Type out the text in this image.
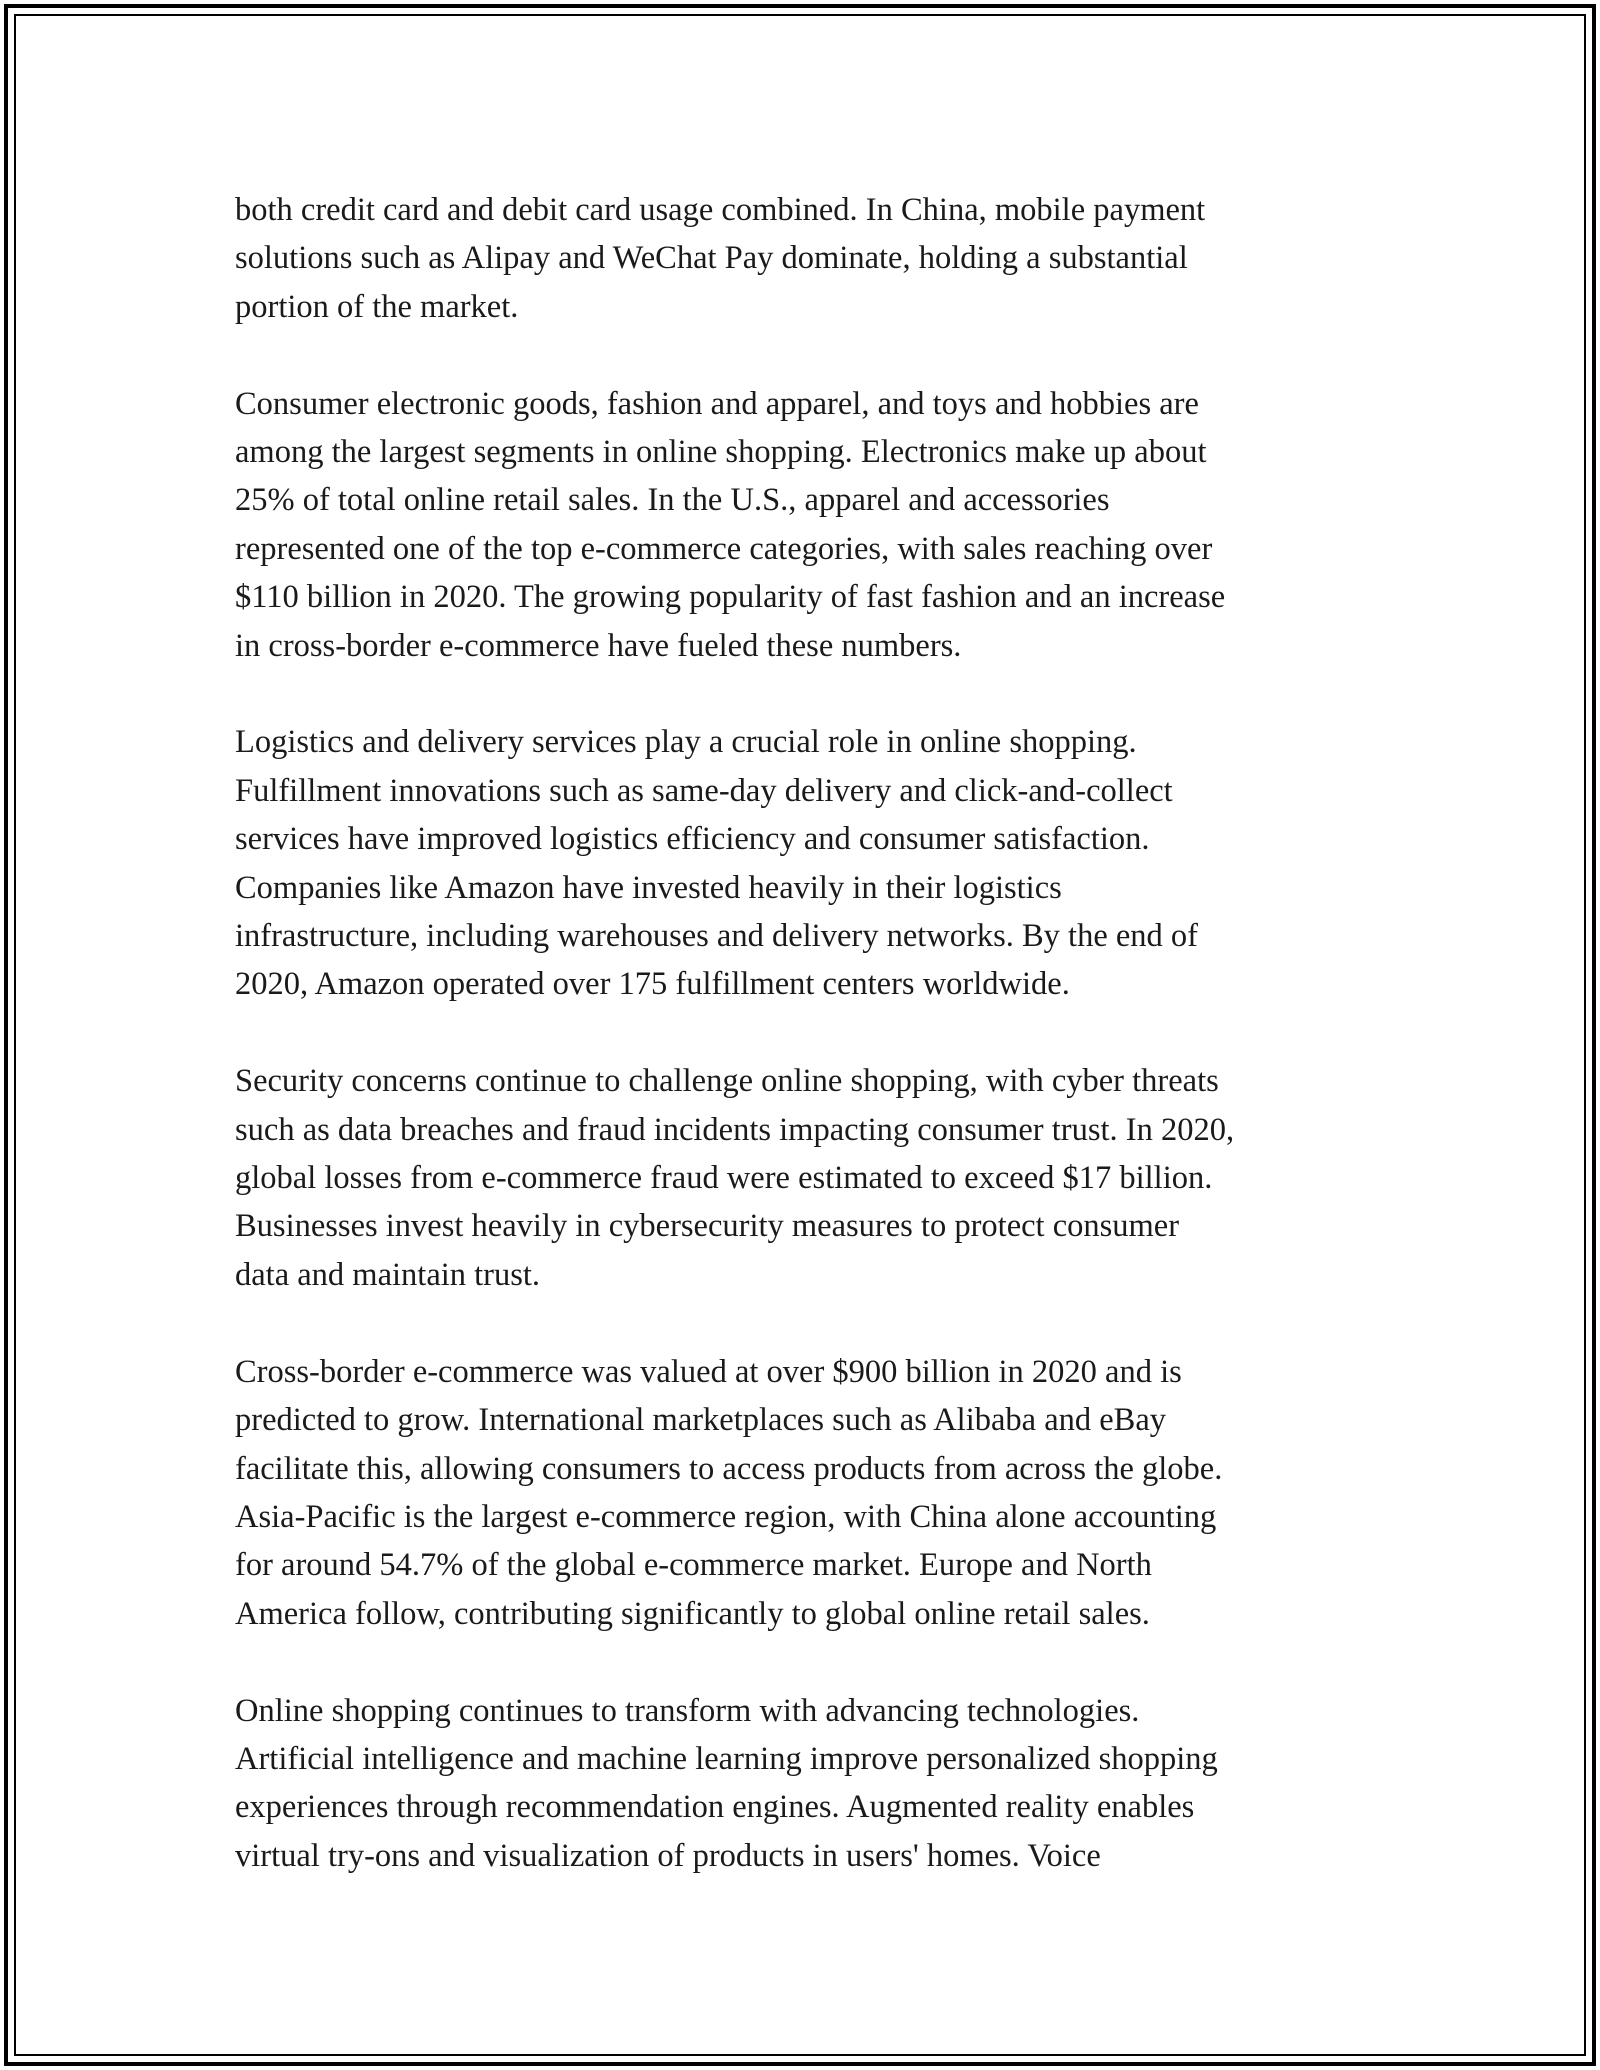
both credit card and debit card usage combined. In China, mobile payment
solutions such as Alipay and WeChat Pay dominate, holding a substantial
portion of the market.

Consumer electronic goods, fashion and apparel, and toys and hobbies are
among the largest segments in online shopping. Electronics make up about
25% of total online retail sales. In the U.S., apparel and accessories
represented one of the top e-commerce categories, with sales reaching over
$110 billion in 2020. The growing popularity of fast fashion and an increase
in cross-border e-commerce have fueled these numbers.

Logistics and delivery services play a crucial role in online shopping.
Fulfillment innovations such as same-day delivery and click-and-collect
services have improved logistics efficiency and consumer satisfaction.
Companies like Amazon have invested heavily in their logistics
infrastructure, including warehouses and delivery networks. By the end of
2020, Amazon operated over 175 fulfillment centers worldwide.

Security concerns continue to challenge online shopping, with cyber threats
such as data breaches and fraud incidents impacting consumer trust. In 2020,
global losses from e-commerce fraud were estimated to exceed $17 billion.
Businesses invest heavily in cybersecurity measures to protect consumer
data and maintain trust.

Cross-border e-commerce was valued at over $900 billion in 2020 and is
predicted to grow. International marketplaces such as Alibaba and eBay
facilitate this, allowing consumers to access products from across the globe.
Asia-Pacific is the largest e-commerce region, with China alone accounting
for around 54.7% of the global e-commerce market. Europe and North
America follow, contributing significantly to global online retail sales.

Online shopping continues to transform with advancing technologies.
Artificial intelligence and machine learning improve personalized shopping
experiences through recommendation engines. Augmented reality enables
virtual try-ons and visualization of products in users' homes. Voice
